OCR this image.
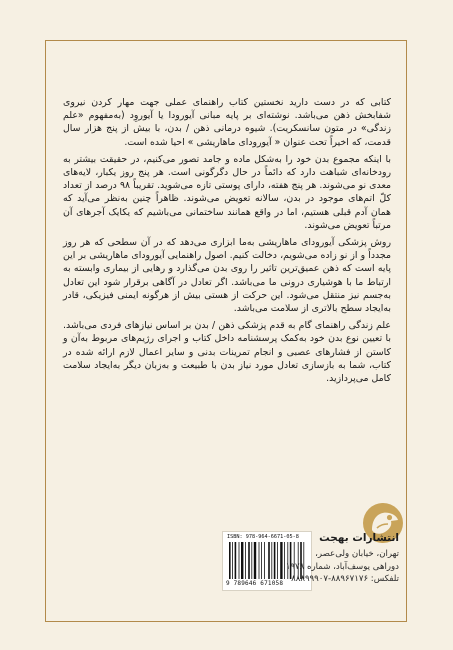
کتابی که در دست دارید نخستین کتاب راهنمای عملی جهت مهار کردن نیروی شفابخش ذهن می‌باشد. نوشته‌ای بر پایه مبانی آیورودا یا آیوروِد (به‌مفهوم «علم زندگی» در متون سانسکریت). شیوه درمانی ذهن / بدن، با بیش از پنج هزار سال قدمت، که اخیراً تحت عنوان « آیورودای ماهاریشی » احیا شده است.

با اینکه مجموع بدن خود را به‌شکل ماده و جامد تصور می‌کنیم، در حقیقت بیشتر به رودخانه‌ای شباهت دارد که دائماً در حال دگرگونی است. هر پنج روز یکبار، لایه‌های معدی نو می‌شوند. هر پنج هفته، دارای پوستی تازه می‌شوید. تقریباً ۹۸ درصد از تعداد کلّ اتم‌های موجود در بدن، سالانه تعویض می‌شوند. ظاهراً چنین به‌نظر می‌آید که همان آدم قبلی هستیم، اما در واقع همانند ساختمانی می‌باشیم که یکایک آجرهای آن مرتباً تعویض می‌شوند.

روش پزشکی آیورودای ماهاریشی به‌ما ابزاری می‌دهد که در آن سطحی که هر روز مجدداً و از نو زاده می‌شویم، دخالت کنیم. اصول راهنمایی آیورودای ماهاریشی بر این پایه است که ذهن عمیق‌ترین تاثیر را روی بدن می‌گذارد و رهایی از بیماری وابسته به ارتباط ما با هوشیاری درونی ما می‌باشد. اگر تعادل در آگاهی برقرار شود این تعادل به‌جسم نیز منتقل می‌شود. این حرکت از هستی بیش از هرگونه ایمنی فیزیکی، قادر به‌ایجاد سطح بالاتری از سلامت می‌باشد.

علم زندگی راهنمای گام به قدم پزشکی ذهن / بدن بر اساس نیازهای فردی می‌باشد. با تعیین نوع بدن خود به‌کمک پرسشنامه داخل کتاب و اجرای رژیم‌های مربوط به‌آن و کاستن از فشارهای عصبی و انجام تمرینات بدنی و سایر اعمال لازم ارائه شده در کتاب، شما به بازسازی تعادل مورد نیاز بدن با طبیعت و به‌زبان دیگر به‌ایجاد سلامت کامل می‌پردازید.

ISBN: 978-964-6671-05-8
9 789646 671058
انتشارات بهجت
تهران، خیابان ولی‌عصر،
دوراهی یوسف‌آباد، شماره ۱۹۷۸
تلفکس: ۸۸۹۶۷۱۷۶-۸۸۸۹۹۹۰۷
